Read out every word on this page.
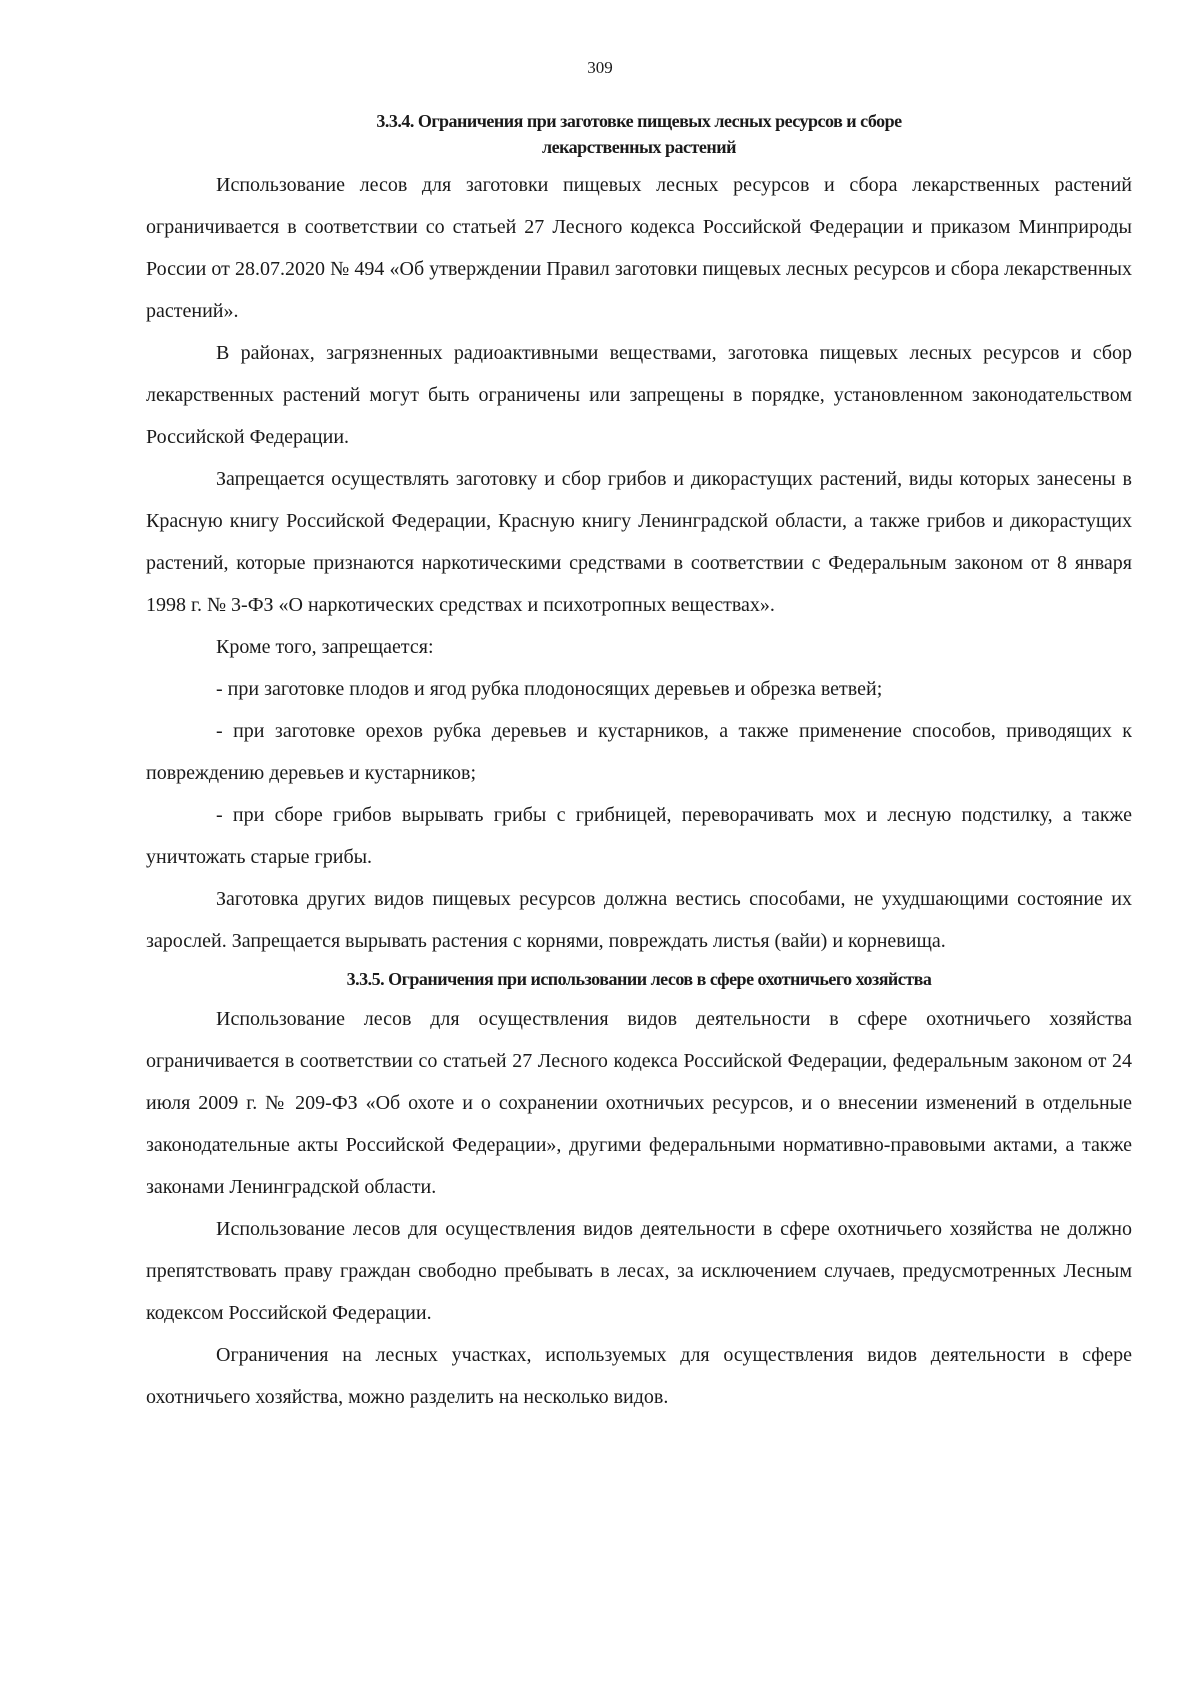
309
3.3.4. Ограничения при заготовке пищевых лесных ресурсов и сборе
лекарственных растений

Использование лесов для заготовки пищевых лесных ресурсов и сбора лекарственных растений ограничивается в соответствии со статьей 27 Лесного кодекса Российской Федерации и приказом Минприроды России от 28.07.2020 № 494 «Об утверждении Правил заготовки пищевых лесных ресурсов и сбора лекарственных растений».

В районах, загрязненных радиоактивными веществами, заготовка пищевых лесных ресурсов и сбор лекарственных растений могут быть ограничены или запрещены в порядке, установленном законодательством Российской Федерации.

Запрещается осуществлять заготовку и сбор грибов и дикорастущих растений, виды которых занесены в Красную книгу Российской Федерации, Красную книгу Ленинградской области, а также грибов и дикорастущих растений, которые признаются наркотическими средствами в соответствии с Федеральным законом от 8 января 1998 г. № 3-ФЗ «О наркотических средствах и психотропных веществах».

Кроме того, запрещается:

- при заготовке плодов и ягод рубка плодоносящих деревьев и обрезка ветвей;

- при заготовке орехов рубка деревьев и кустарников, а также применение способов, приводящих к повреждению деревьев и кустарников;

- при сборе грибов вырывать грибы с грибницей, переворачивать мох и лесную подстилку, а также уничтожать старые грибы.

Заготовка других видов пищевых ресурсов должна вестись способами, не ухудшающими состояние их зарослей. Запрещается вырывать растения с корнями, повреждать листья (вайи) и корневища.

3.3.5. Ограничения при использовании лесов в сфере охотничьего хозяйства

Использование лесов для осуществления видов деятельности в сфере охотничьего хозяйства ограничивается в соответствии со статьей 27 Лесного кодекса Российской Федерации, федеральным законом от 24 июля 2009 г. № 209-ФЗ «Об охоте и о сохранении охотничьих ресурсов, и о внесении изменений в отдельные законодательные акты Российской Федерации», другими федеральными нормативно-правовыми актами, а также законами Ленинградской области.

Использование лесов для осуществления видов деятельности в сфере охотничьего хозяйства не должно препятствовать праву граждан свободно пребывать в лесах, за исключением случаев, предусмотренных Лесным кодексом Российской Федерации.

Ограничения на лесных участках, используемых для осуществления видов деятельности в сфере охотничьего хозяйства, можно разделить на несколько видов.
